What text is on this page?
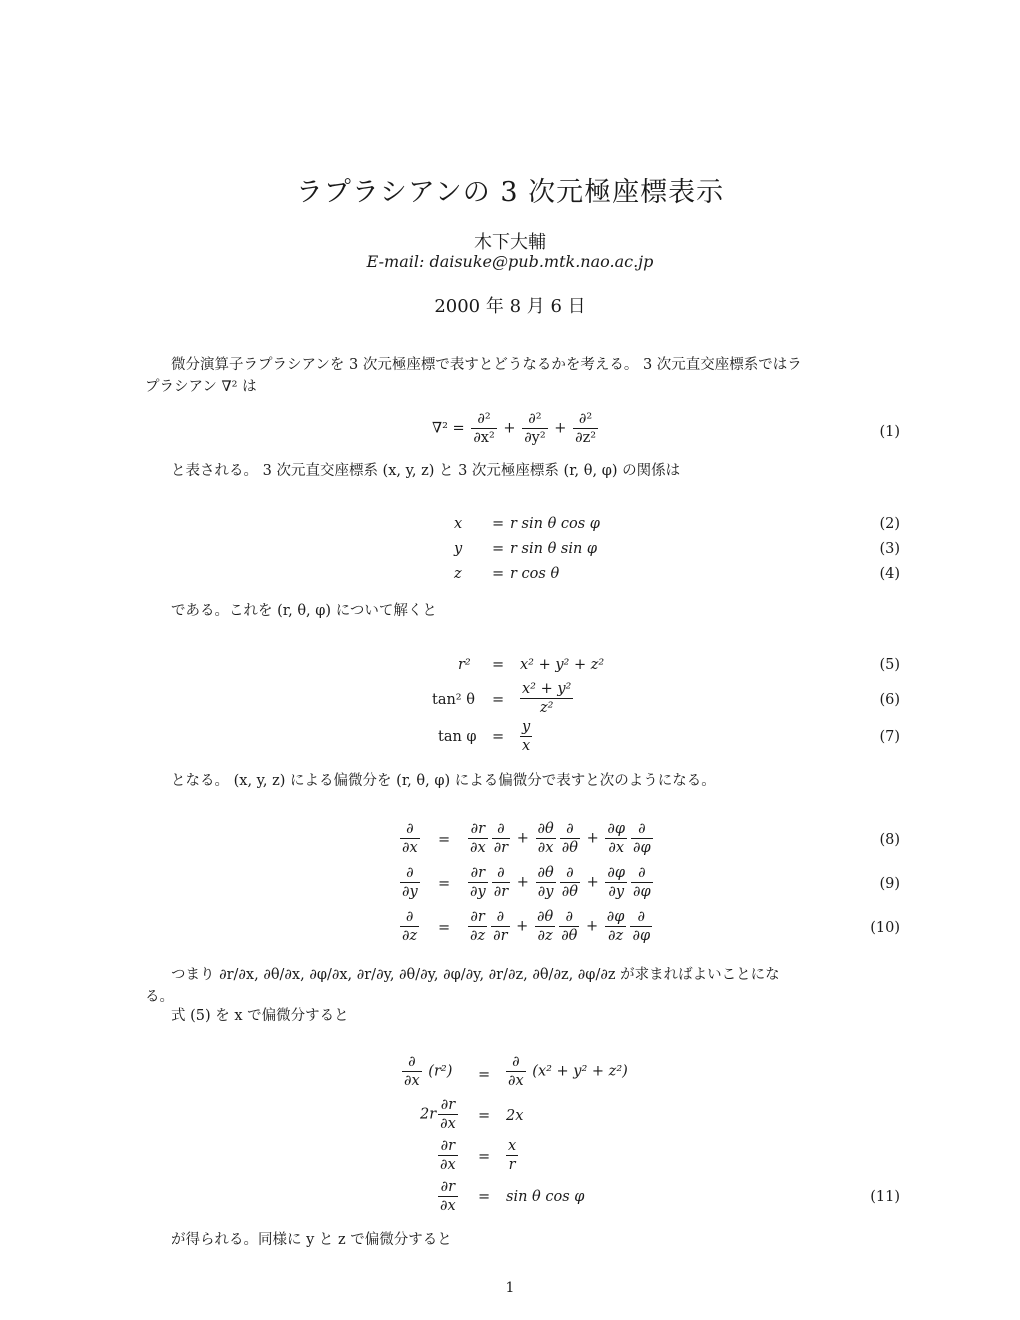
ラプラシアンの 3 次元極座標表示
木下大輔
E-mail: daisuke@pub.mtk.nao.ac.jp
2000 年 8 月 6 日
微分演算子ラプラシアンを 3 次元極座標で表すとどうなるかを考える。 3 次元直交座標系ではラ
プラシアン ∇² は
$\nabla^2 = \frac{\text{∂²}}{\text{∂x²}} + \frac{\text{∂²}}{\text{∂y²}} + \frac{\text{∂²}}{\text{∂z²}}$	(1)
と表される。 3 次元直交座標系 (x, y, z) と 3 次元極座標系 (r, θ, φ) の関係は
x = r sin θ cos φ	(2)
y = r sin θ sin φ	(3)
z = r cos θ	(4)
である。これを (r, θ, φ) について解くと
r² = x² + y² + z²	(5)
tan² $\theta = \frac{\text{x² + y²}}{\text{z²}}$	(6)
$\tan \varphi = \frac{y}{x}$	(7)
となる。 (x, y, z) による偏微分を (r, θ, φ) による偏微分で表すと次のようになる。
$\frac{\partial}{\partial x} = \frac{\partial r}{\partial x} \frac{\partial}{\partial r} + \frac{\partial\theta}{\partial x} \frac{\partial}{\partial\theta} + \frac{\partial\varphi}{\partial x} \frac{\partial}{\partial\varphi}$	(8)
$\frac{\partial}{\partial y} = \frac{\partial r}{\partial y} \frac{\partial}{\partial r} + \frac{\partial\theta}{\partial y} \frac{\partial}{\partial\theta} + \frac{\partial\varphi}{\partial y} \frac{\partial}{\partial\varphi}$	(9)
$\frac{\partial}{\partial z} = \frac{\partial r}{\partial z} \frac{\partial}{\partial r} + \frac{\partial\theta}{\partial z} \frac{\partial}{\partial\theta} + \frac{\partial\varphi}{\partial z} \frac{\partial}{\partial\varphi}$	(10)
つまり ∂r/∂x, ∂θ/∂x, ∂φ/∂x, ∂r/∂y, ∂θ/∂y, ∂φ/∂y, ∂r/∂z, ∂θ/∂z, ∂φ/∂z が求まればよいことにな
る。
式 (5) を x で偏微分すると
$\frac{\partial}{\partial x} (r^2) = \frac{\partial}{\partial x} (x^2 + y^2 + z^2)$
$2r \frac{\partial r}{\partial x} = 2x$
$\frac{\partial r}{\partial x} = \frac{x}{r}$
$\frac{\partial r}{\partial x} = \sin \theta$ cos φ	(11)
が得られる。同様に y と z で偏微分すると
1
